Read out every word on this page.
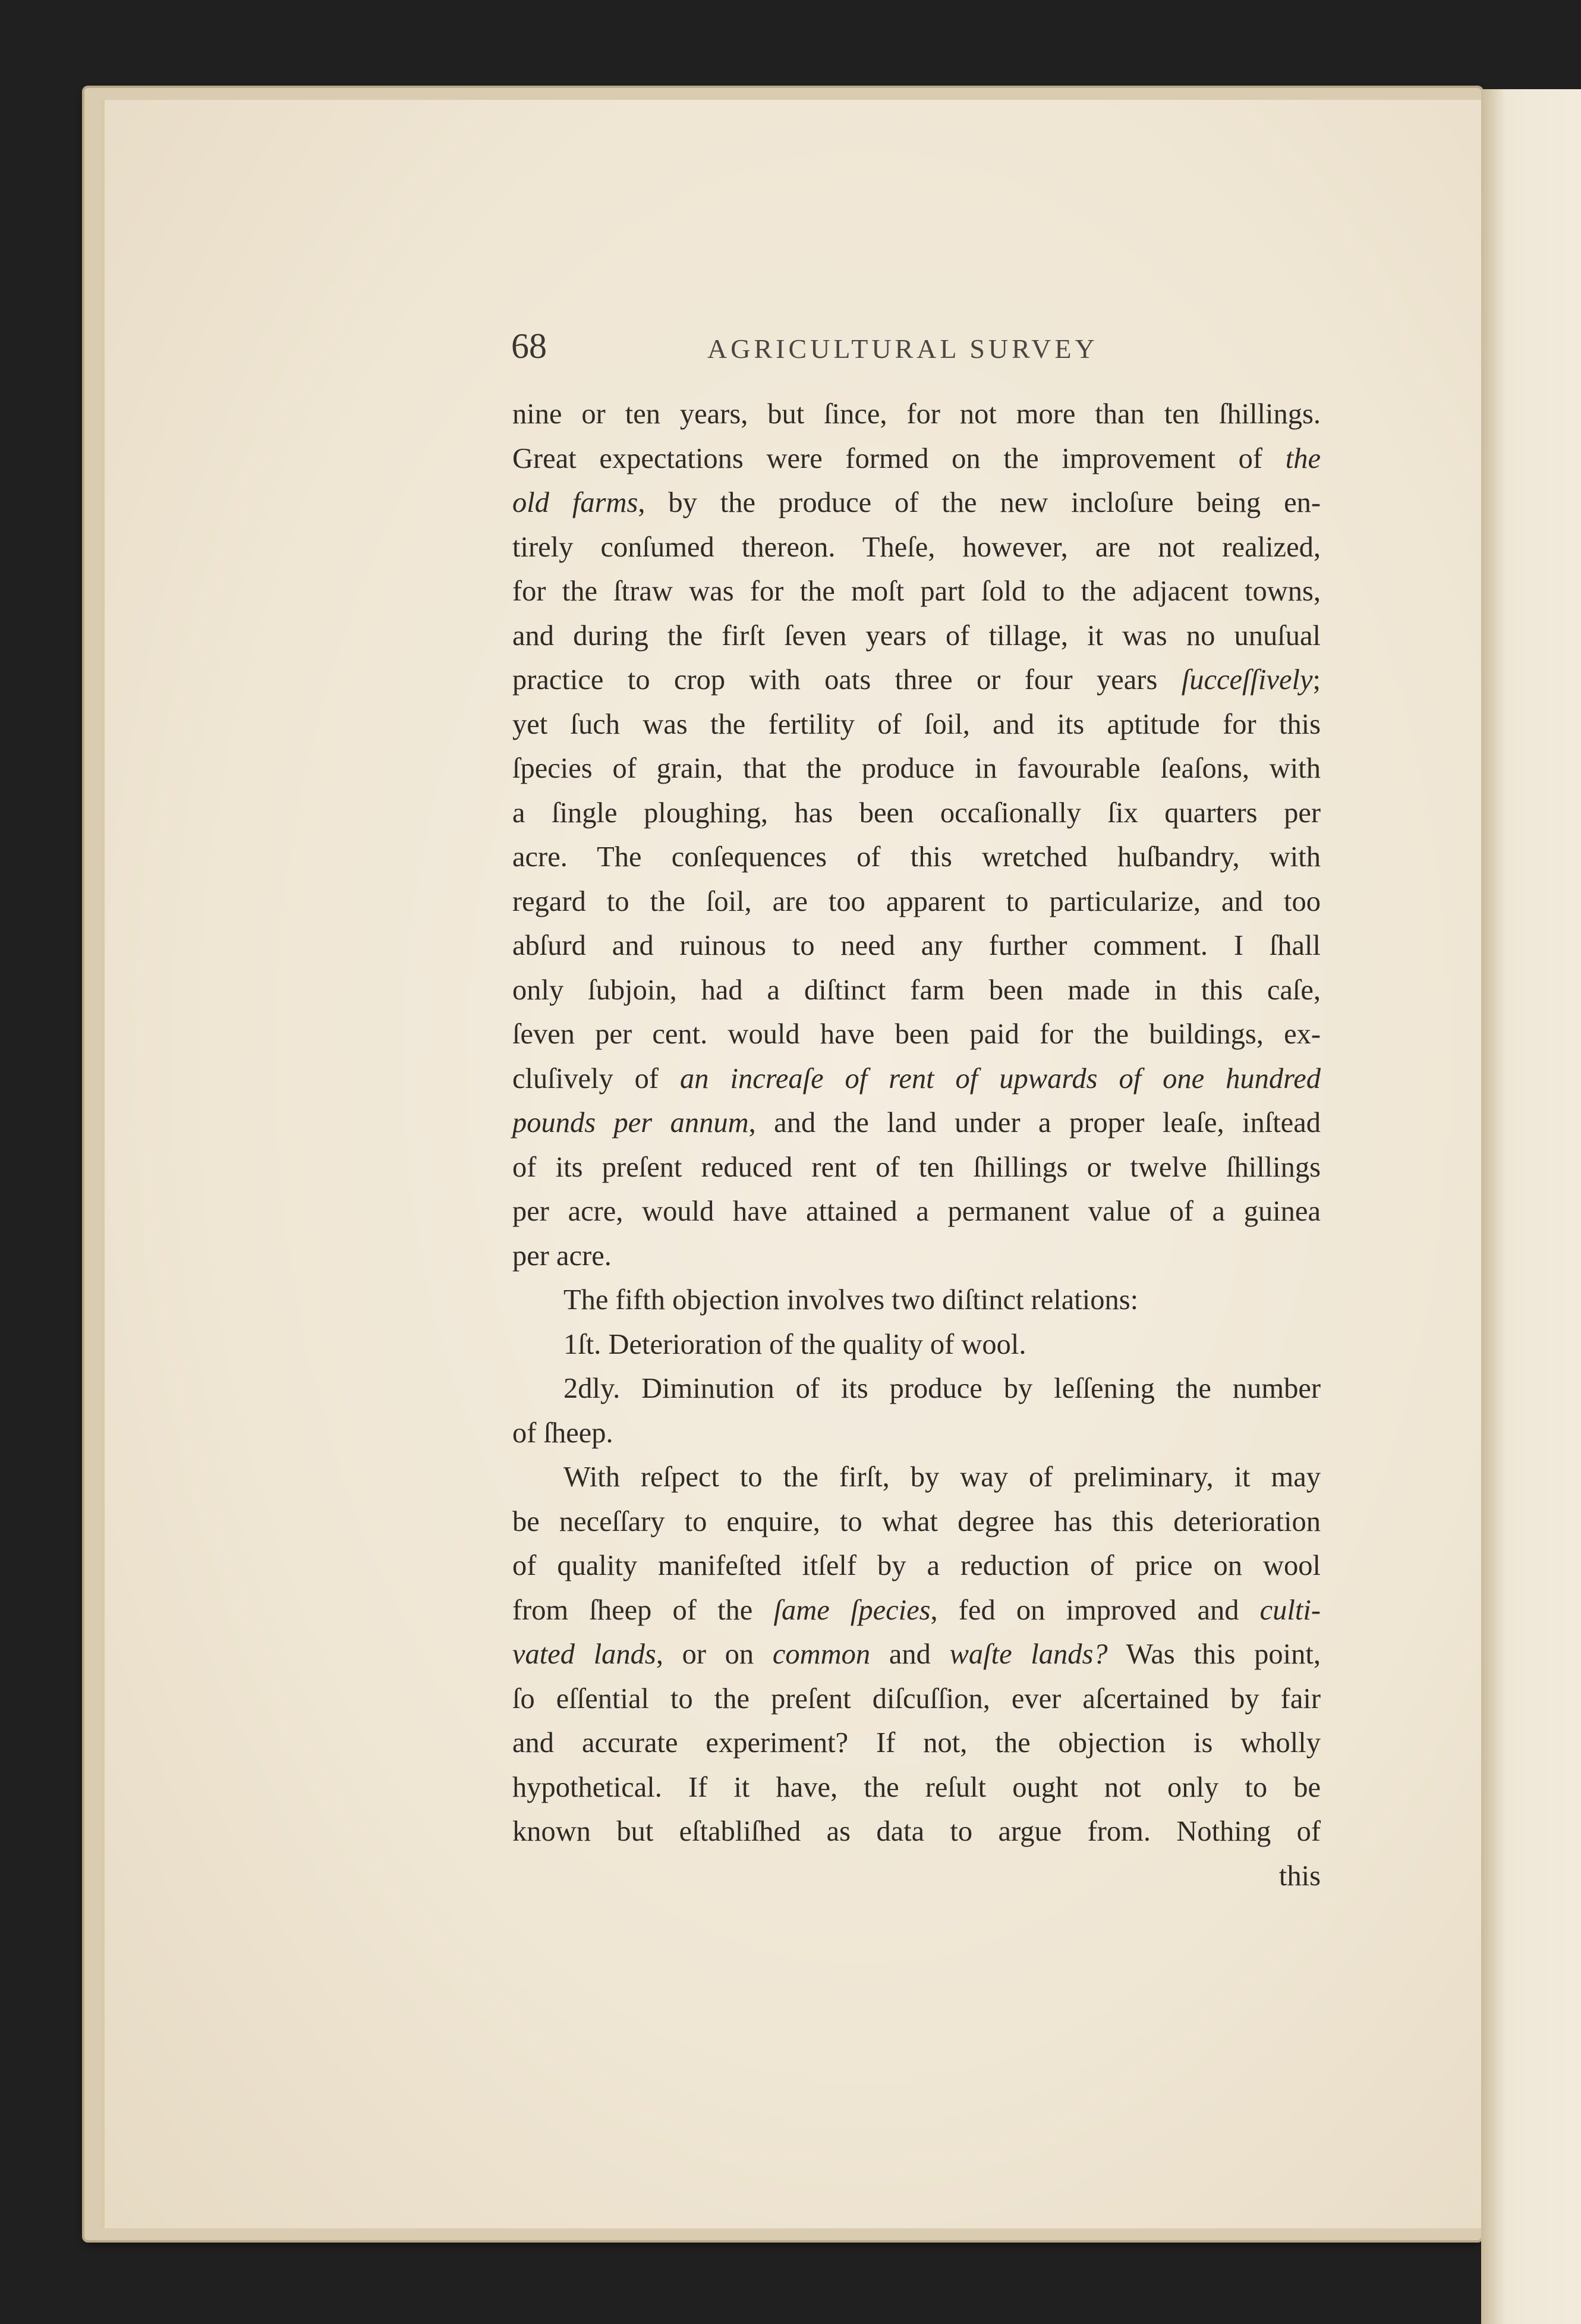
68	AGRICULTURAL SURVEY
nine or ten years, but ſince, for not more than ten ſhillings.
Great expectations were formed on the improvement of the
old farms, by the produce of the new incloſure being en-
tirely conſumed thereon. Theſe, however, are not realized,
for the ſtraw was for the moſt part ſold to the adjacent towns,
and during the firſt ſeven years of tillage, it was no unuſual
practice to crop with oats three or four years ſucceſſively;
yet ſuch was the fertility of ſoil, and its aptitude for this
ſpecies of grain, that the produce in favourable ſeaſons, with
a ſingle ploughing, has been occaſionally ſix quarters per
acre. The conſequences of this wretched huſbandry, with
regard to the ſoil, are too apparent to particularize, and too
abſurd and ruinous to need any further comment. I ſhall
only ſubjoin, had a diſtinct farm been made in this caſe,
ſeven per cent. would have been paid for the buildings, ex-
cluſively of an increaſe of rent of upwards of one hundred
pounds per annum, and the land under a proper leaſe, inſtead
of its preſent reduced rent of ten ſhillings or twelve ſhillings
per acre, would have attained a permanent value of a guinea
per acre.
The fifth objection involves two diſtinct relations:
1ſt. Deterioration of the quality of wool.
2dly. Diminution of its produce by leſſening the number
of ſheep.
With reſpect to the firſt, by way of preliminary, it may
be neceſſary to enquire, to what degree has this deterioration
of quality manifeſted itſelf by a reduction of price on wool
from ſheep of the ſame ſpecies, fed on improved and culti-
vated lands, or on common and waſte lands? Was this point,
ſo eſſential to the preſent diſcuſſion, ever aſcertained by fair
and accurate experiment? If not, the objection is wholly
hypothetical. If it have, the reſult ought not only to be
known but eſtabliſhed as data to argue from. Nothing of
this
